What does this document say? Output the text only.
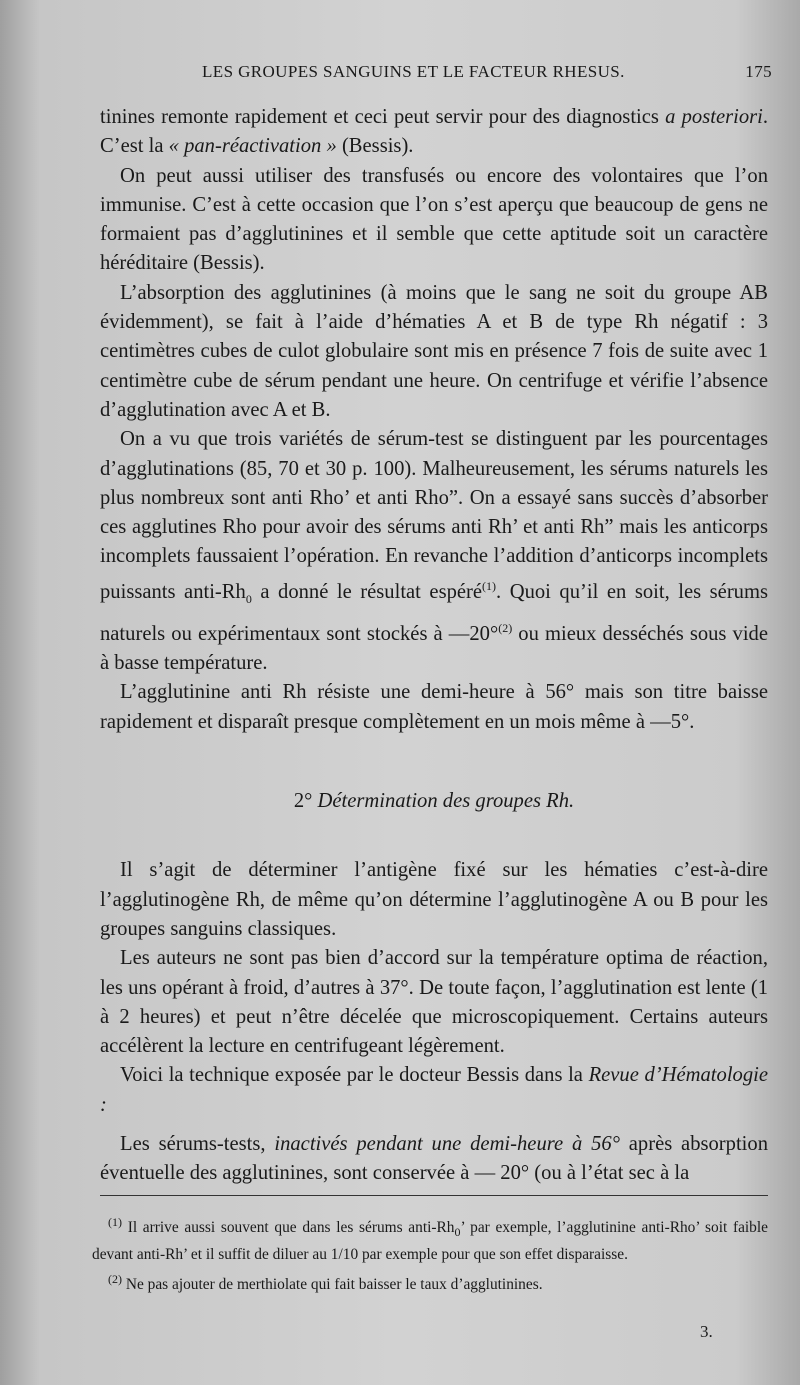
LES GROUPES SANGUINS ET LE FACTEUR RHESUS.	175

tinines remonte rapidement et ceci peut servir pour des diagnostics a posteriori. C’est la « pan-réactivation » (Bessis).

On peut aussi utiliser des transfusés ou encore des volontaires que l’on immunise. C’est à cette occasion que l’on s’est aperçu que beaucoup de gens ne formaient pas d’agglutinines et il semble que cette aptitude soit un caractère héréditaire (Bessis).

L’absorption des agglutinines (à moins que le sang ne soit du groupe AB évidemment), se fait à l’aide d’hématies A et B de type Rh négatif : 3 centimètres cubes de culot globulaire sont mis en présence 7 fois de suite avec 1 centimètre cube de sérum pendant une heure. On centrifuge et vérifie l’absence d’agglutination avec A et B.

On a vu que trois variétés de sérum-test se distinguent par les pourcentages d’agglutinations (85, 70 et 30 p. 100). Malheureusement, les sérums naturels les plus nombreux sont anti Rho’ et anti Rho”. On a essayé sans succès d’absorber ces agglutines Rho pour avoir des sérums anti Rh’ et anti Rh” mais les anticorps incomplets faussaient l’opération. En revanche l’addition d’anticorps incomplets puissants anti-$Rh_0$ a donné le résultat espéré$^{(1)}$. Quoi qu’il en soit, les sérums naturels ou expérimentaux sont stockés à —20°$^{(2)}$ ou mieux desséchés sous vide à basse température.

L’agglutinine anti Rh résiste une demi-heure à 56° mais son titre baisse rapidement et disparaît presque complètement en un mois même à —5°.

2° Détermination des groupes Rh.

Il s’agit de déterminer l’antigène fixé sur les hématies c’est-à-dire l’agglutinogène Rh, de même qu’on détermine l’agglutinogène A ou B pour les groupes sanguins classiques.

Les auteurs ne sont pas bien d’accord sur la température optima de réaction, les uns opérant à froid, d’autres à 37°. De toute façon, l’agglutination est lente (1 à 2 heures) et peut n’être décelée que microscopiquement. Certains auteurs accélèrent la lecture en centrifugeant légèrement.

Voici la technique exposée par le docteur Bessis dans la Revue d’Hématologie :

Les sérums-tests, inactivés pendant une demi-heure à 56° après absorption éventuelle des agglutinines, sont conservée à — 20° (ou à l’état sec à la

$^{(1)}$ Il arrive aussi souvent que dans les sérums anti-$Rh_0$’ par exemple, l’agglutinine anti-Rho’ soit faible devant anti-Rh’ et il suffit de diluer au 1/10 par exemple pour que son effet disparaisse.

$^{(2)}$ Ne pas ajouter de merthiolate qui fait baisser le taux d’agglutinines.

3.
